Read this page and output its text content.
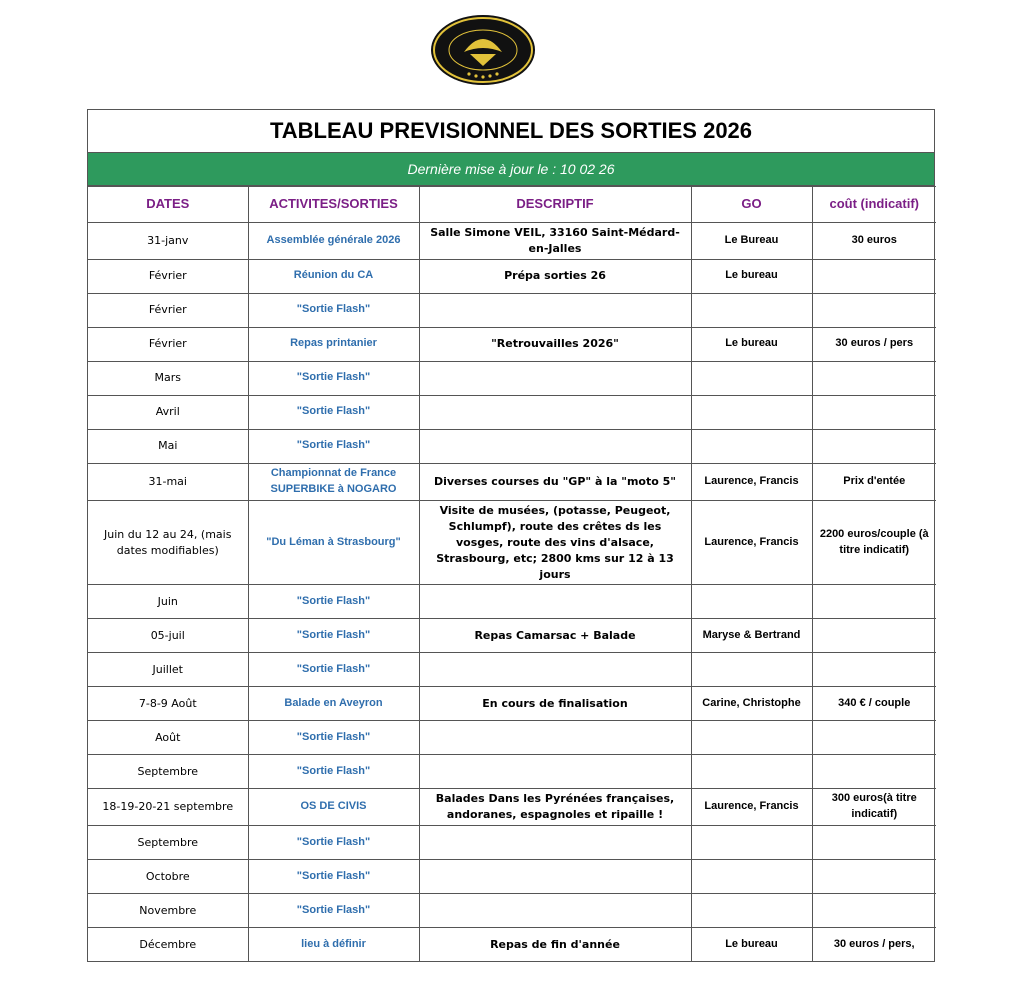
TABLEAU PREVISIONNEL DES SORTIES 2026
Dernière mise à jour le : 10 02 26
DATES	ACTIVITES/SORTIES	DESCRIPTIF	GO	coût (indicatif)
31-janv	Assemblée générale 2026	Salle Simone VEIL, 33160 Saint-Médard-en-Jalles	Le Bureau	30 euros
Février	Réunion du CA	Prépa sorties 26	Le bureau	
Février	"Sortie Flash"			
Février	Repas printanier	"Retrouvailles 2026"	Le bureau	30 euros / pers
Mars	"Sortie Flash"			
Avril	"Sortie Flash"			
Mai	"Sortie Flash"			
31-mai	Championnat de France SUPERBIKE à NOGARO	Diverses courses du "GP" à la "moto 5"	Laurence, Francis	Prix d'entée
Juin du 12 au 24, (mais dates modifiables)	"Du Léman à Strasbourg"	Visite de musées, (potasse, Peugeot, Schlumpf), route des crêtes ds les vosges, route des vins d'alsace, Strasbourg, etc; 2800 kms sur 12 à 13 jours	Laurence, Francis	2200 euros/couple (à titre indicatif)
Juin	"Sortie Flash"			
05-juil	"Sortie Flash"	Repas Camarsac + Balade	Maryse & Bertrand	
Juillet	"Sortie Flash"			
7-8-9 Août	Balade en Aveyron	En cours de finalisation	Carine, Christophe	340 € / couple
Août	"Sortie Flash"			
Septembre	"Sortie Flash"			
18-19-20-21 septembre	OS DE CIVIS	Balades Dans les Pyrénées françaises, andoranes, espagnoles et ripaille !	Laurence, Francis	300 euros(à titre indicatif)
Septembre	"Sortie Flash"			
Octobre	"Sortie Flash"			
Novembre	"Sortie Flash"			
Décembre	lieu à définir	Repas de fin d'année	Le bureau	30 euros / pers,
